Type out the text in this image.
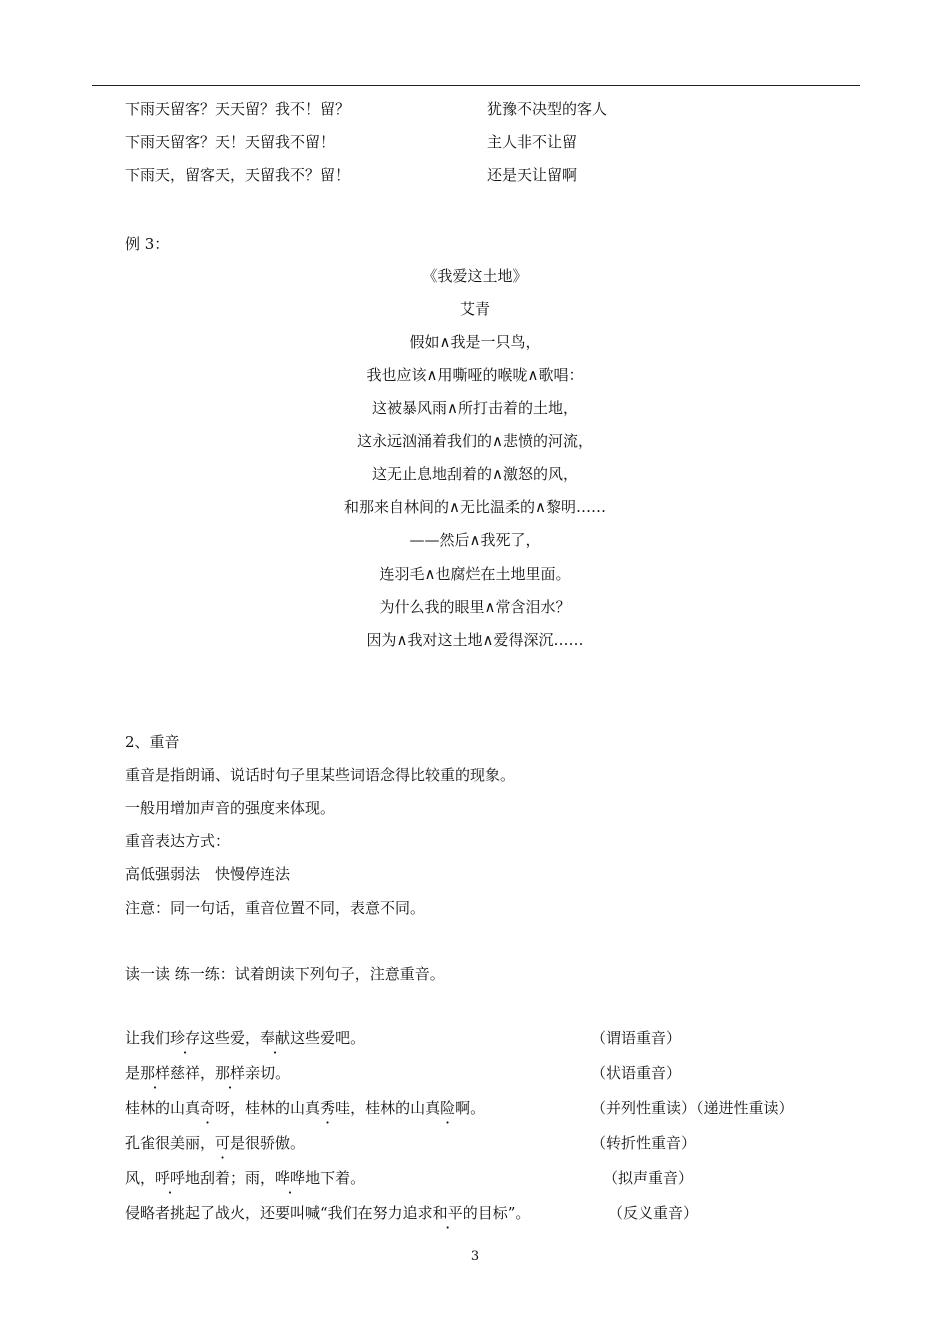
下雨天留客？天天留？我不！留？	犹豫不决型的客人
下雨天留客？天！天留我不留！	主人非不让留
下雨天，留客天，天留我不？留！	还是天让留啊
例 3：
《我爱这土地》
艾青
假如∧我是一只鸟，
我也应该∧用嘶哑的喉咙∧歌唱：
这被暴风雨∧所打击着的土地，
这永远汹涌着我们的∧悲愤的河流，
这无止息地刮着的∧激怒的风，
和那来自林间的∧无比温柔的∧黎明……
——然后∧我死了，
连羽毛∧也腐烂在土地里面。
为什么我的眼里∧常含泪水？
因为∧我对这土地∧爱得深沉……
2、重音
重音是指朗诵、说话时句子里某些词语念得比较重的现象。
一般用增加声音的强度来体现。
重音表达方式：
高低强弱法　快慢停连法
注意：同一句话，重音位置不同，表意不同。
读一读 练一练：试着朗读下列句子，注意重音。
让我们珍存这些爱，奉献这些爱吧。	（谓语重音）
是那样慈祥，那样亲切。	（状语重音）
桂林的山真奇呀，桂林的山真秀哇，桂林的山真险啊。	（并列性重读）（递进性重读）
孔雀很美丽，可是很骄傲。	（转折性重音）
风，呼呼地刮着；雨，哗哗地下着。	（拟声重音）
侵略者挑起了战火，还要叫喊“我们在努力追求和平的目标”。	（反义重音）
3
